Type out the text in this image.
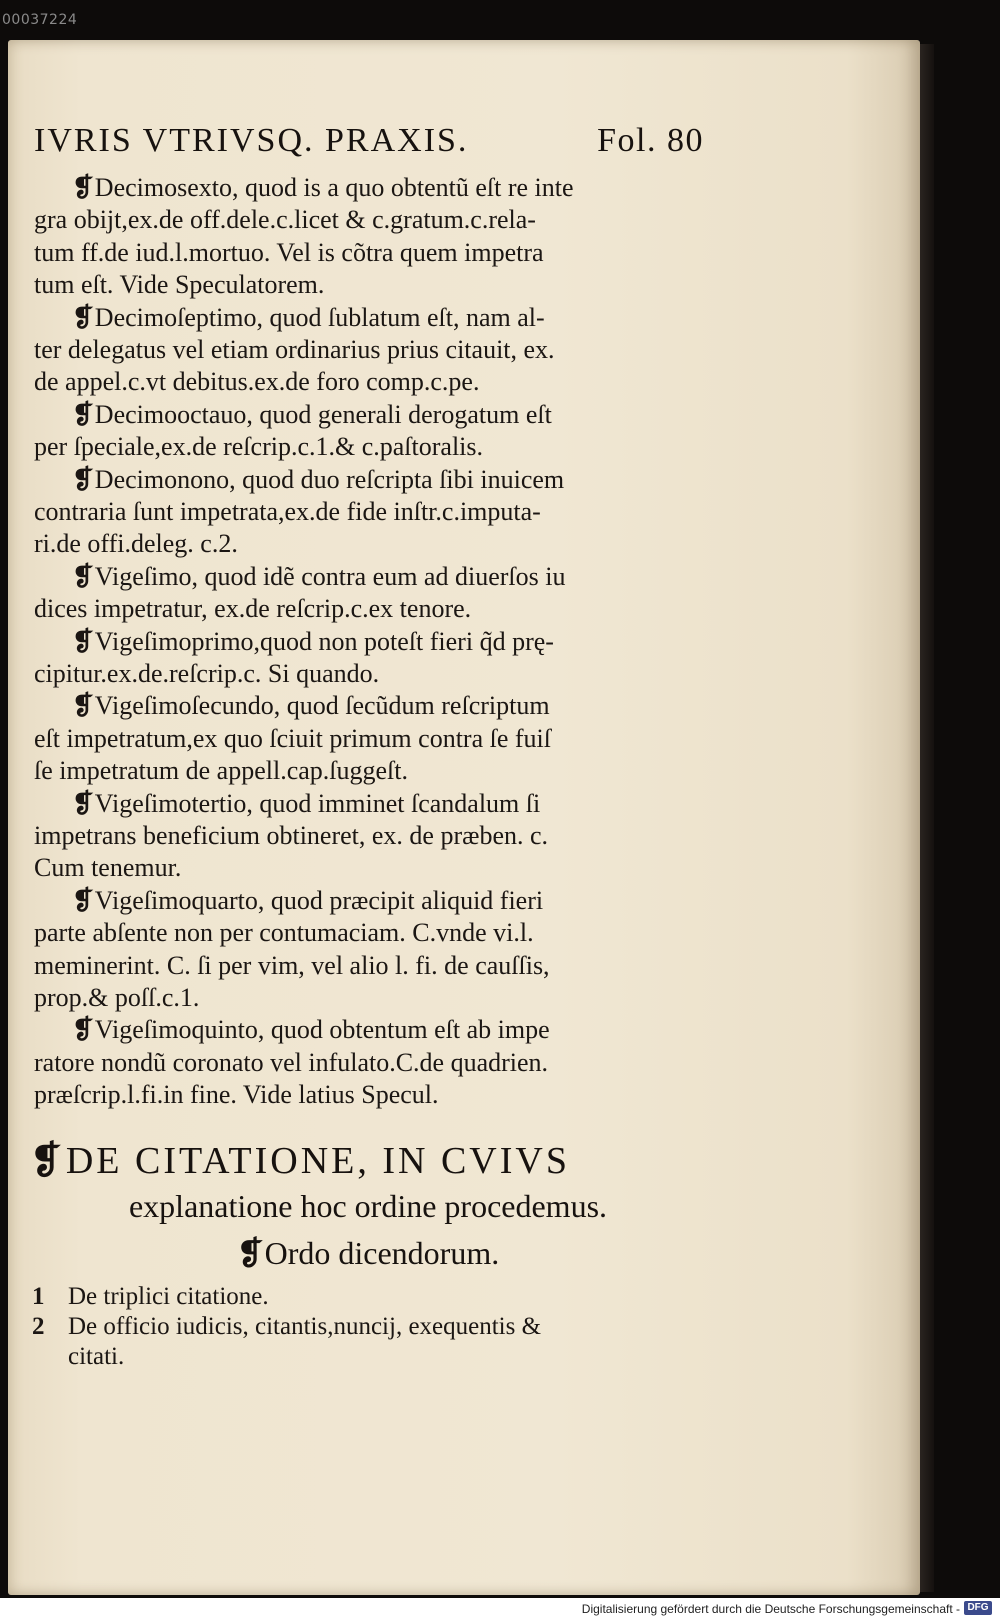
00037224
IVRIS VTRIVSQ. PRAXIS.	Fol. 80
❡Decimosexto, quod is a quo obtentũ eſt re inte
gra obijt,ex.de off.dele.c.licet & c.gratum.c.rela-
tum ff.de iud.l.mortuo. Vel is cõtra quem impetra
tum eſt. Vide Speculatorem.
❡Decimoſeptimo, quod ſublatum eſt, nam al-
ter delegatus vel etiam ordinarius prius citauit, ex.
de appel.c.vt debitus.ex.de foro comp.c.pe.
❡Decimooctauo, quod generali derogatum eſt
per ſpeciale,ex.de reſcrip.c.1.& c.paſtoralis.
❡Decimonono, quod duo reſcripta ſibi inuicem
contraria ſunt impetrata,ex.de fide inſtr.c.imputa-
ri.de offi.deleg. c.2.
❡Vigeſimo, quod idẽ contra eum ad diuerſos iu
dices impetratur, ex.de reſcrip.c.ex tenore.
❡Vigeſimoprimo,quod non poteſt fieri q̃d prę-
cipitur.ex.de.reſcrip.c. Si quando.
❡Vigeſimoſecundo, quod ſecũdum reſcriptum
eſt impetratum,ex quo ſciuit primum contra ſe fuiſ
ſe impetratum de appell.cap.ſuggeſt.
❡Vigeſimotertio, quod imminet ſcandalum ſi
impetrans beneficium obtineret, ex. de præben. c.
Cum tenemur.
❡Vigeſimoquarto, quod præcipit aliquid fieri
parte abſente non per contumaciam. C.vnde vi.l.
meminerint. C. ſi per vim, vel alio l. fi. de cauſſis,
prop.& poſſ.c.1.
❡Vigeſimoquinto, quod obtentum eſt ab impe
ratore nondũ coronato vel infulato.C.de quadrien.
præſcrip.l.fi.in fine. Vide latius Specul.
❡DE CITATIONE, IN CVIVS
explanatione hoc ordine procedemus.
❡Ordo dicendorum.
1 De triplici citatione.
2 De officio iudicis, citantis,nuncij, exequentis &
citati.
Digitalisierung gefördert durch die Deutsche Forschungsgemeinschaft - DFG
